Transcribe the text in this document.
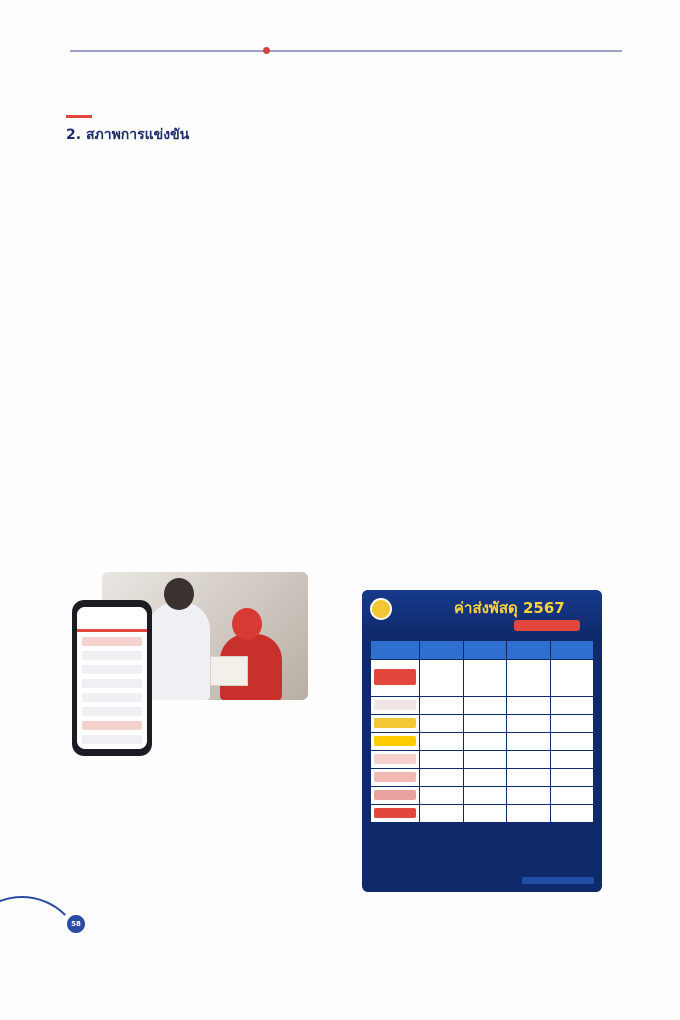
2. สภาพการแข่งขัน
ค่าส่งพัสดุ 2567

58
